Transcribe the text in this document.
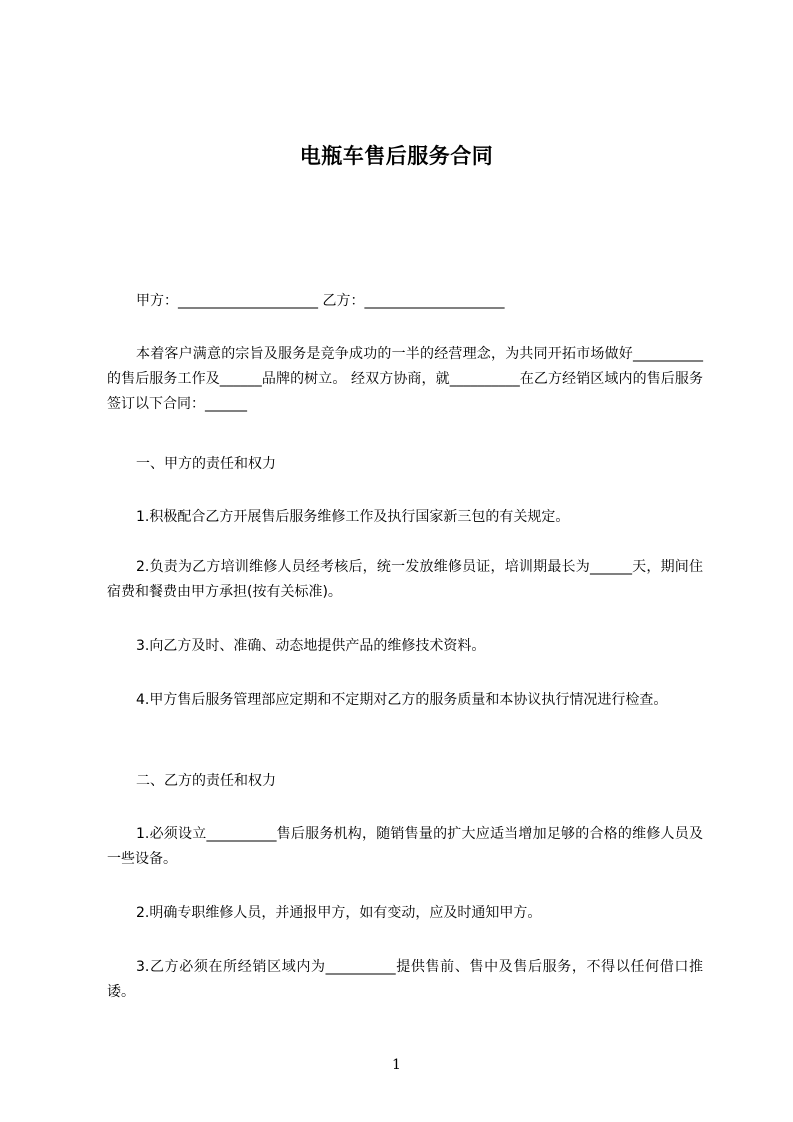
电瓶车售后服务合同
甲方：____________________ 乙方：____________________
本着客户满意的宗旨及服务是竞争成功的一半的经营理念，为共同开拓市场做好__________的售后服务工作及______品牌的树立。 经双方协商，就__________在乙方经销区域内的售后服务签订以下合同：______
一、甲方的责任和权力
1.积极配合乙方开展售后服务维修工作及执行国家新三包的有关规定。
2.负责为乙方培训维修人员经考核后，统一发放维修员证，培训期最长为______天，期间住宿费和餐费由甲方承担(按有关标准)。
3.向乙方及时、准确、动态地提供产品的维修技术资料。
4.甲方售后服务管理部应定期和不定期对乙方的服务质量和本协议执行情况进行检查。
二、乙方的责任和权力
1.必须设立__________售后服务机构，随销售量的扩大应适当增加足够的合格的维修人员及一些设备。
2.明确专职维修人员，并通报甲方，如有变动，应及时通知甲方。
3.乙方必须在所经销区域内为__________提供售前、售中及售后服务，不得以任何借口推诿。
1
